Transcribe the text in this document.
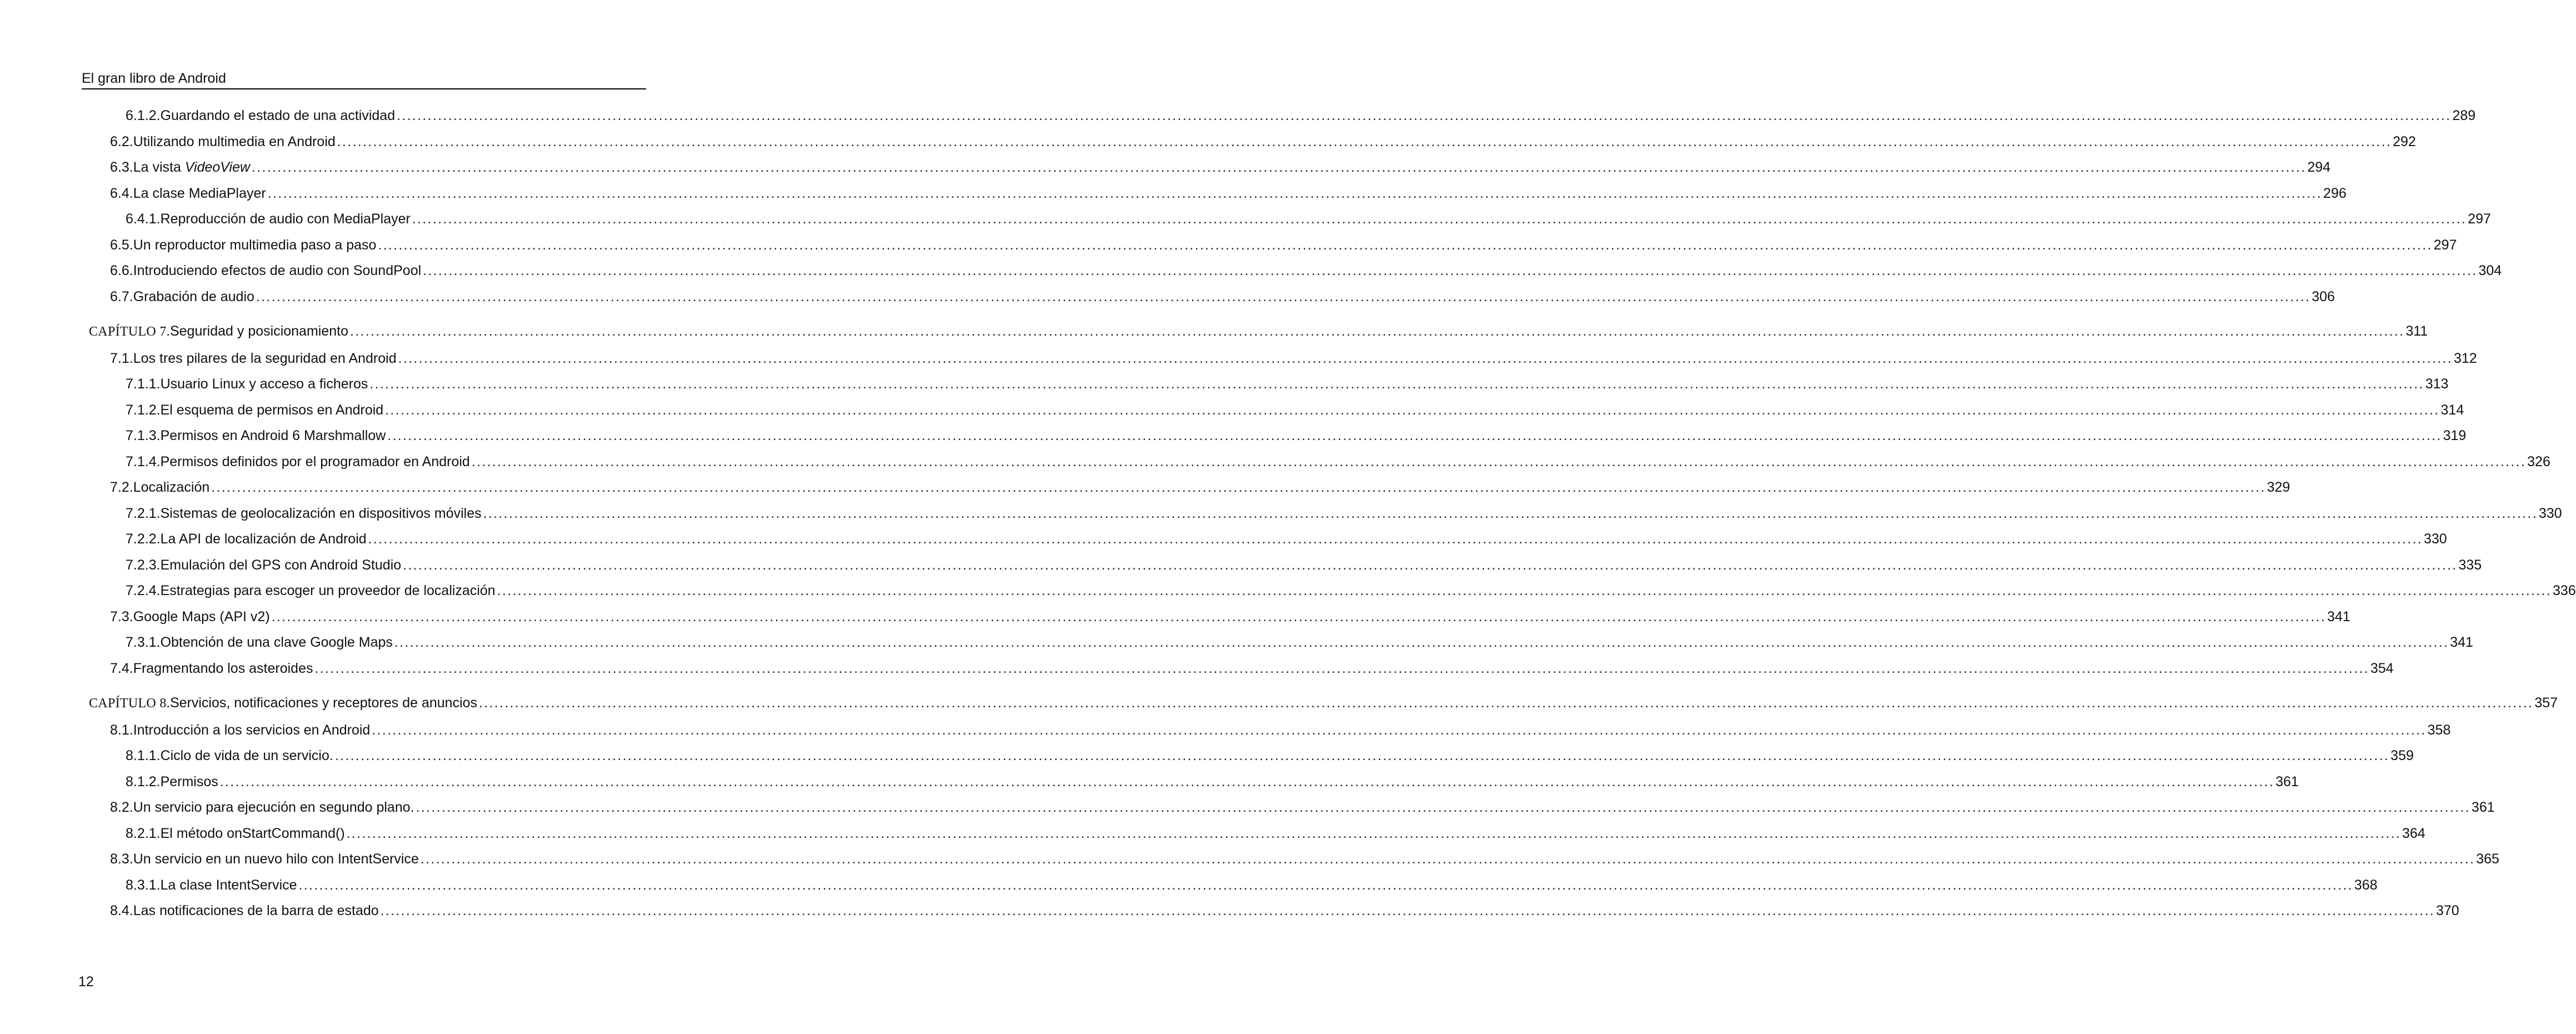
El gran libro de Android
6.1.2. Guardando el estado de una actividad ................................................................................................................................................................................................................................................................................................................................................................................................................ 289
6.2. Utilizando multimedia en Android ................................................................................................................................................................................................................................................................................................................................................................................................................ 292
6.3. La vista VideoView ................................................................................................................................................................................................................................................................................................................................................................................................................ 294
6.4. La clase MediaPlayer ................................................................................................................................................................................................................................................................................................................................................................................................................ 296
6.4.1. Reproducción de audio con MediaPlayer ................................................................................................................................................................................................................................................................................................................................................................................................................ 297
6.5. Un reproductor multimedia paso a paso ................................................................................................................................................................................................................................................................................................................................................................................................................ 297
6.6. Introduciendo efectos de audio con SoundPool ................................................................................................................................................................................................................................................................................................................................................................................................................ 304
6.7. Grabación de audio ................................................................................................................................................................................................................................................................................................................................................................................................................ 306
CAPÍTULO 7. Seguridad y posicionamiento ................................................................................................................................................................................................................................................................................................................................................................................................................ 311
7.1. Los tres pilares de la seguridad en Android ................................................................................................................................................................................................................................................................................................................................................................................................................ 312
7.1.1. Usuario Linux y acceso a ficheros ................................................................................................................................................................................................................................................................................................................................................................................................................ 313
7.1.2. El esquema de permisos en Android ................................................................................................................................................................................................................................................................................................................................................................................................................ 314
7.1.3. Permisos en Android 6 Marshmallow ................................................................................................................................................................................................................................................................................................................................................................................................................ 319
7.1.4. Permisos definidos por el programador en Android ................................................................................................................................................................................................................................................................................................................................................................................................................ 326
7.2. Localización ................................................................................................................................................................................................................................................................................................................................................................................................................ 329
7.2.1. Sistemas de geolocalización en dispositivos móviles ................................................................................................................................................................................................................................................................................................................................................................................................................ 330
7.2.2. La API de localización de Android ................................................................................................................................................................................................................................................................................................................................................................................................................ 330
7.2.3. Emulación del GPS con Android Studio ................................................................................................................................................................................................................................................................................................................................................................................................................ 335
7.2.4. Estrategias para escoger un proveedor de localización ................................................................................................................................................................................................................................................................................................................................................................................................................ 336
7.3. Google Maps (API v2) ................................................................................................................................................................................................................................................................................................................................................................................................................ 341
7.3.1. Obtención de una clave Google Maps ................................................................................................................................................................................................................................................................................................................................................................................................................ 341
7.4. Fragmentando los asteroides ................................................................................................................................................................................................................................................................................................................................................................................................................ 354
CAPÍTULO 8. Servicios, notificaciones y receptores de anuncios ................................................................................................................................................................................................................................................................................................................................................................................................................ 357
8.1. Introducción a los servicios en Android ................................................................................................................................................................................................................................................................................................................................................................................................................ 358
8.1.1. Ciclo de vida de un servicio. ................................................................................................................................................................................................................................................................................................................................................................................................................ 359
8.1.2. Permisos ................................................................................................................................................................................................................................................................................................................................................................................................................ 361
8.2. Un servicio para ejecución en segundo plano. ................................................................................................................................................................................................................................................................................................................................................................................................................ 361
8.2.1. El método onStartCommand() ................................................................................................................................................................................................................................................................................................................................................................................................................ 364
8.3. Un servicio en un nuevo hilo con IntentService ................................................................................................................................................................................................................................................................................................................................................................................................................ 365
8.3.1. La clase IntentService ................................................................................................................................................................................................................................................................................................................................................................................................................ 368
8.4. Las notificaciones de la barra de estado ................................................................................................................................................................................................................................................................................................................................................................................................................ 370
12
